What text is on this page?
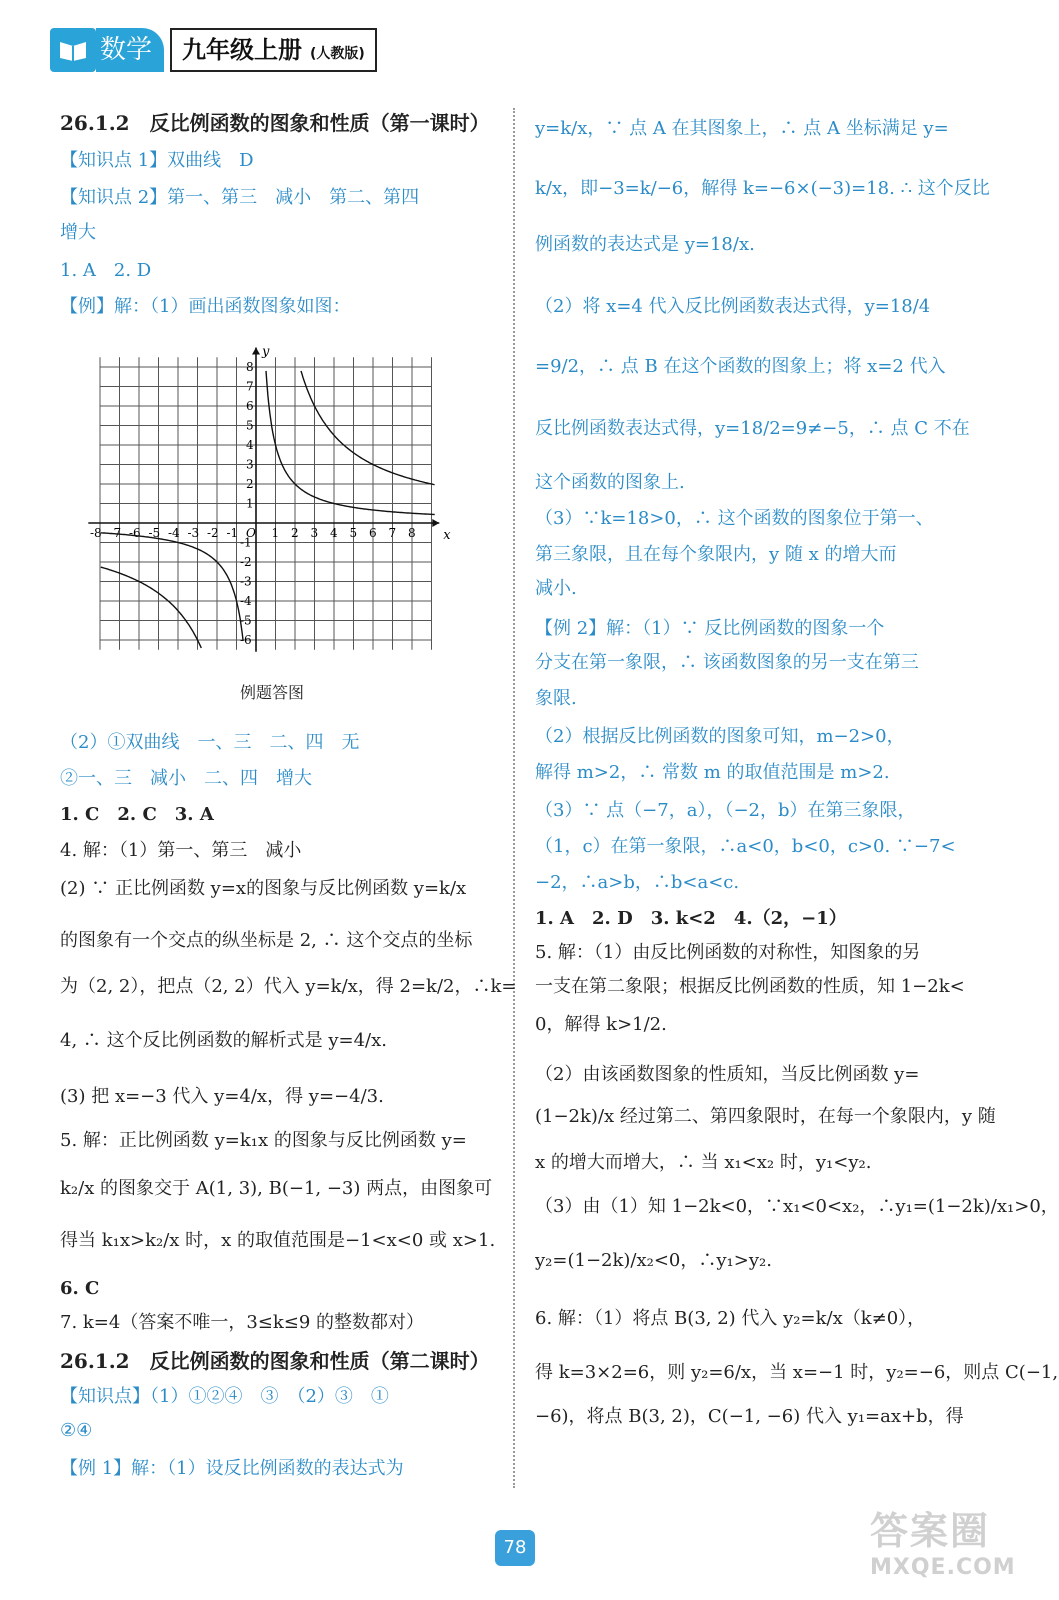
数学	九年级上册 (人教版)

26.1.2　反比例函数的图象和性质（第一课时）

【知识点 1】双曲线　D

【知识点 2】第一、第三　减小　第二、第四

增大

1. A　2. D

【例】解：（1）画出函数图象如图：

（2）①双曲线　一、三　二、四　无

②一、三　减小　二、四　增大

1. C　2. C　3. A

4. 解：（1）第一、第三　减小

(2) ∵ 正比例函数 y=x的图象与反比例函数 y=k/x

的图象有一个交点的纵坐标是 2, ∴ 这个交点的坐标

为（2, 2），把点（2, 2）代入 y=k/x，得 2=k/2，∴k=

4, ∴ 这个反比例函数的解析式是 y=4/x.

(3) 把 x=−3 代入 y=4/x，得 y=−4/3.

5. 解：正比例函数 y=k₁x 的图象与反比例函数 y=

k₂/x 的图象交于 A(1, 3), B(−1, −3) 两点，由图象可

得当 k₁x>k₂/x 时，x 的取值范围是−1<x<0 或 x>1.

6. C

7. k=4（答案不唯一，3≤k≤9 的整数都对）

26.1.2　反比例函数的图象和性质（第二课时）

【知识点】（1）①②④　③　（2）③　①

②④

【例 1】解：（1）设反比例函数的表达式为

y=k/x，∵ 点 A 在其图象上，∴ 点 A 坐标满足 y=

k/x，即−3=k/−6，解得 k=−6×(−3)=18. ∴ 这个反比

例函数的表达式是 y=18/x.

（2）将 x=4 代入反比例函数表达式得，y=18/4

=9/2，∴ 点 B 在这个函数的图象上；将 x=2 代入

反比例函数表达式得，y=18/2=9≠−5，∴ 点 C 不在

这个函数的图象上.

（3）∵k=18>0，∴ 这个函数的图象位于第一、

第三象限，且在每个象限内，y 随 x 的增大而

减小.

【例 2】解：（1）∵ 反比例函数的图象一个

分支在第一象限，∴ 该函数图象的另一支在第三

象限.

（2）根据反比例函数的图象可知，m−2>0，

解得 m>2，∴ 常数 m 的取值范围是 m>2.

（3）∵ 点（−7，a），（−2，b）在第三象限，

（1，c）在第一象限，∴a<0，b<0，c>0. ∵−7<

−2，∴a>b，∴b<a<c.

1. A　2. D　3. k<2　4.（2，−1）

5. 解：（1）由反比例函数的对称性，知图象的另

一支在第二象限；根据反比例函数的性质，知 1−2k<

0，解得 k>1/2.

（2）由该函数图象的性质知，当反比例函数 y=

(1−2k)/x 经过第二、第四象限时，在每一个象限内，y 随

x 的增大而增大，∴ 当 x₁<x₂ 时，y₁<y₂.

（3）由（1）知 1−2k<0，∵x₁<0<x₂，∴y₁=(1−2k)/x₁>0，

y₂=(1−2k)/x₂<0，∴y₁>y₂.

6. 解：（1）将点 B(3, 2) 代入 y₂=k/x（k≠0），

得 k=3×2=6，则 y₂=6/x，当 x=−1 时，y₂=−6，则点 C(−1,

−6)，将点 B(3, 2)，C(−1, −6) 代入 y₁=ax+b，得

x
y
O
-8 -7 -6 -5 -4 -3 -2 -1	1 2 3 4 5 6 7 8
8
7
6
5
4
3
2
1
-1
-2
-3
-4
-5
-6
例题答图
78	答案圈
MXQE.COM
